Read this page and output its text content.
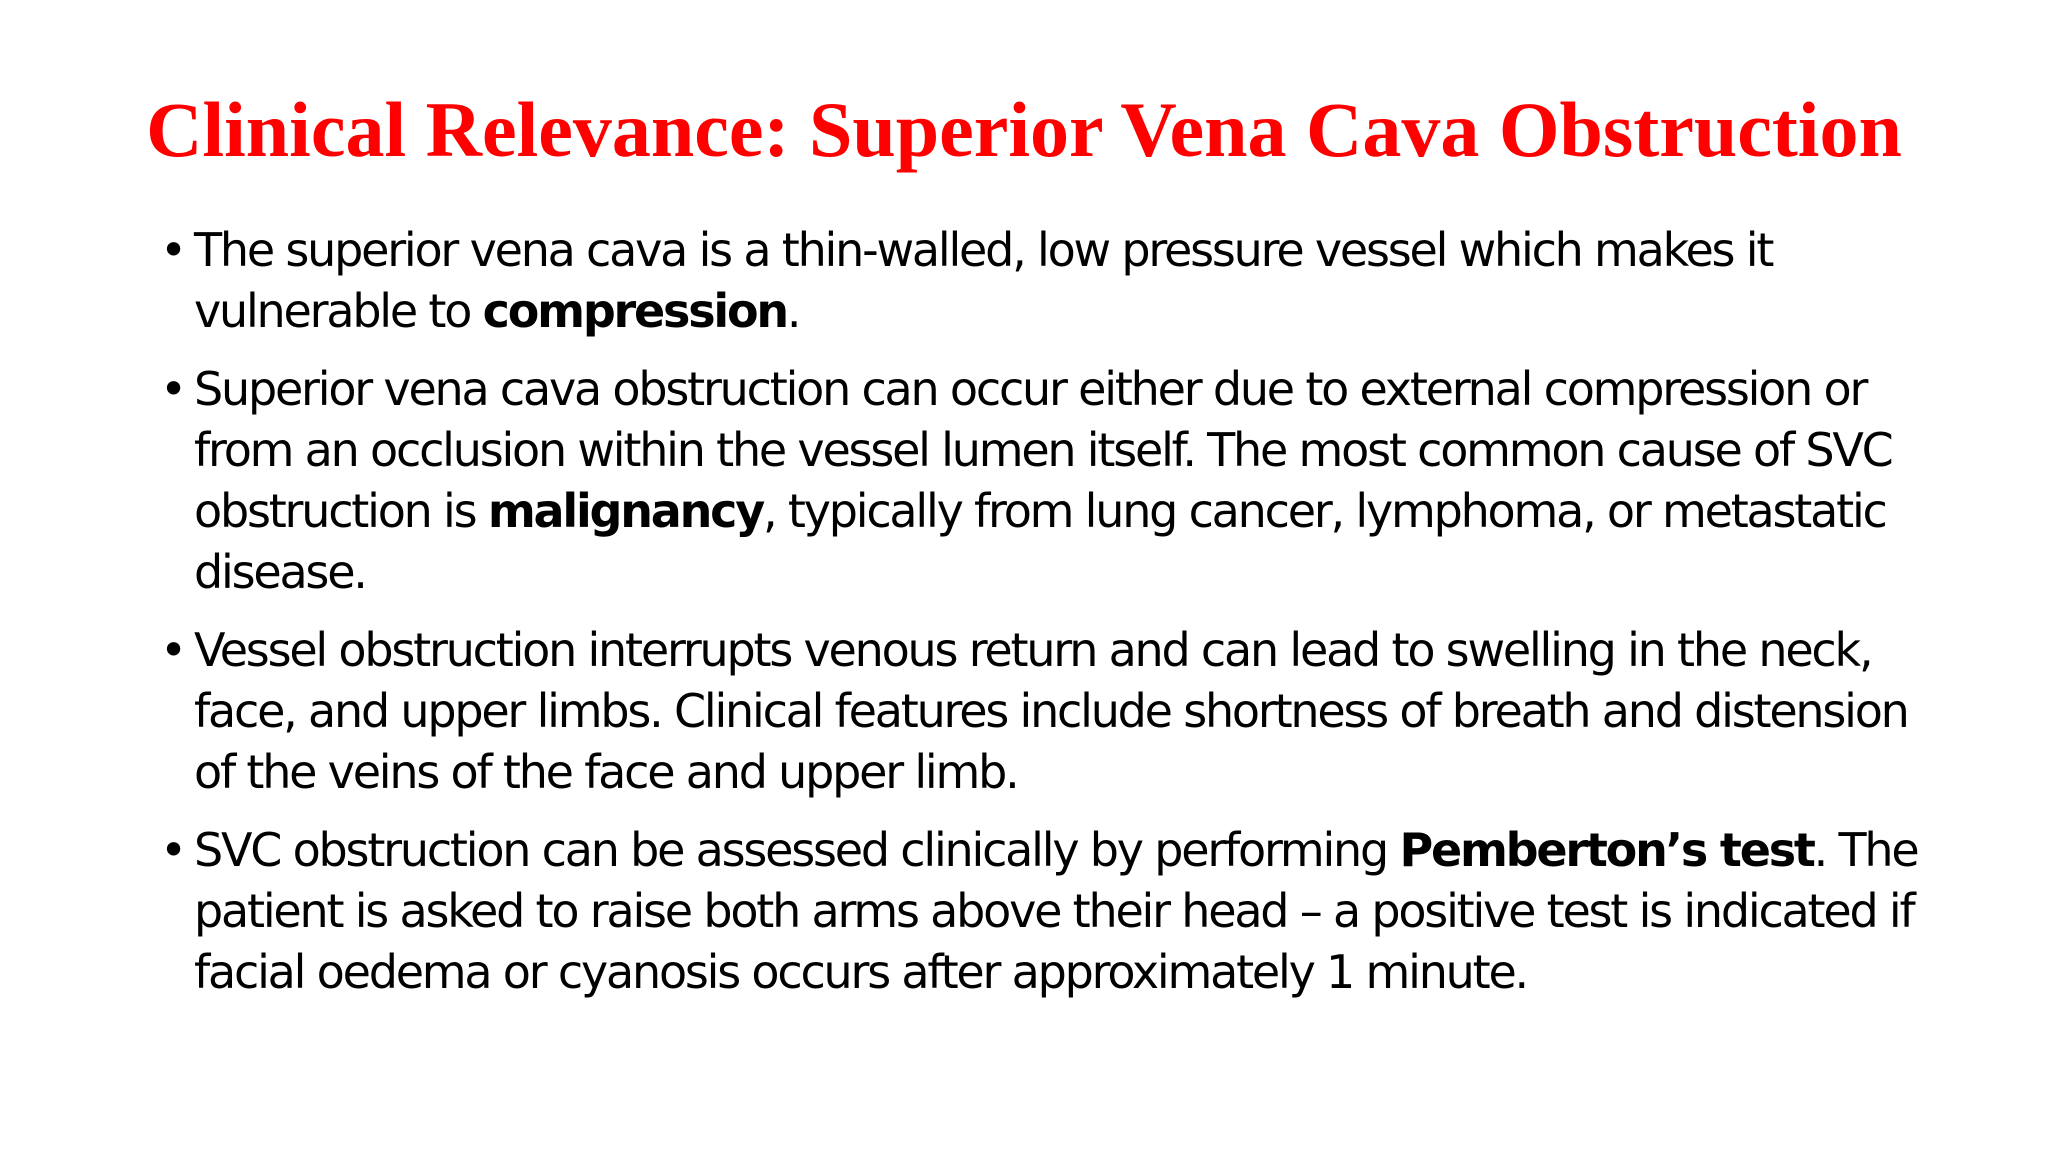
Clinical Relevance: Superior Vena Cava Obstruction
• The superior vena cava is a thin-walled, low pressure vessel which makes it vulnerable to compression.
• Superior vena cava obstruction can occur either due to external compression or from an occlusion within the vessel lumen itself. The most common cause of SVC obstruction is malignancy, typically from lung cancer, lymphoma, or metastatic disease.
• Vessel obstruction interrupts venous return and can lead to swelling in the neck, face, and upper limbs. Clinical features include shortness of breath and distension of the veins of the face and upper limb.
• SVC obstruction can be assessed clinically by performing Pemberton’s test. The patient is asked to raise both arms above their head – a positive test is indicated if facial oedema or cyanosis occurs after approximately 1 minute.
